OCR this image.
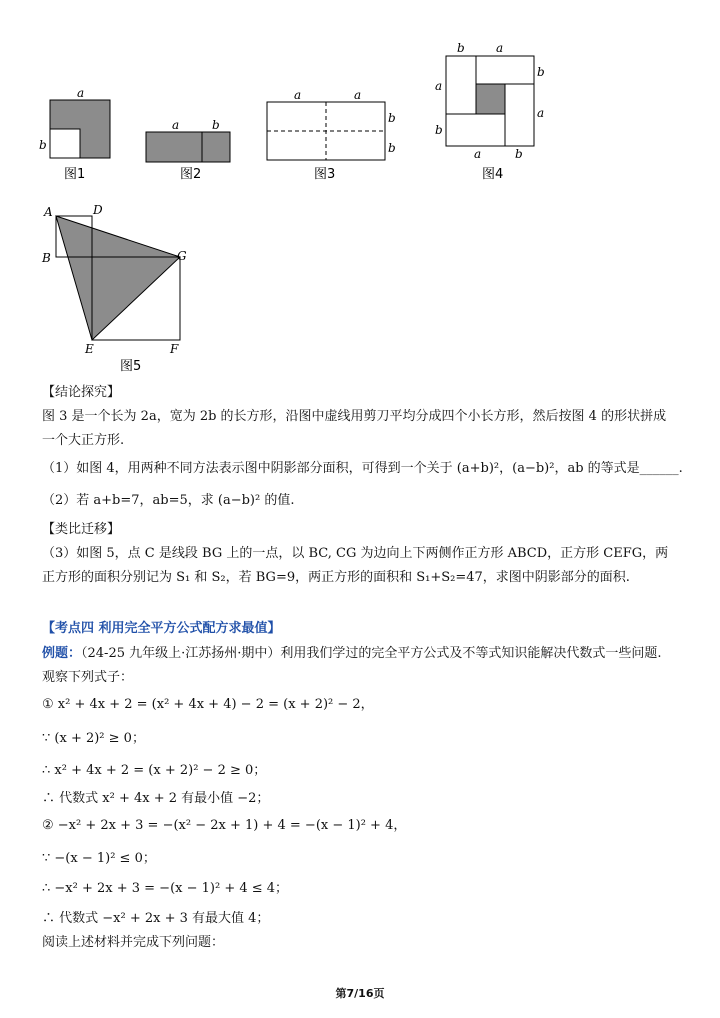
a
b
图1
a	b
图2
a	a
b
b
图3
b	a
a
b
b
a
a	b
图4
A	D
B	G
E	F
图5
【结论探究】
图 3 是一个长为 2a，宽为 2b 的长方形，沿图中虚线用剪刀平均分成四个小长方形，然后按图 4 的形状拼成一个大正方形.
（1）如图 4，用两种不同方法表示图中阴影部分面积，可得到一个关于 (a+b)²，(a−b)²，ab 的等式是______.
（2）若 a+b=7，ab=5，求 (a−b)² 的值.
【类比迁移】
（3）如图 5，点 C 是线段 BG 上的一点，以 BC, CG 为边向上下两侧作正方形 ABCD，正方形 CEFG，两正方形的面积分别记为 S₁ 和 S₂，若 BG=9，两正方形的面积和 S₁+S₂=47，求图中阴影部分的面积.
【考点四 利用完全平方公式配方求最值】
例题：（24-25 九年级上·江苏扬州·期中）利用我们学过的完全平方公式及不等式知识能解决代数式一些问题. 观察下列式子：
① x² + 4x + 2 = (x² + 4x + 4) − 2 = (x + 2)² − 2，
∵ (x + 2)² ≥ 0；
∴ x² + 4x + 2 = (x + 2)² − 2 ≥ 0；
∴ 代数式 x² + 4x + 2 有最小值 −2；
② −x² + 2x + 3 = −(x² − 2x + 1) + 4 = −(x − 1)² + 4，
∵ −(x − 1)² ≤ 0；
∴ −x² + 2x + 3 = −(x − 1)² + 4 ≤ 4；
∴ 代数式 −x² + 2x + 3 有最大值 4；
阅读上述材料并完成下列问题：
第7/16页
